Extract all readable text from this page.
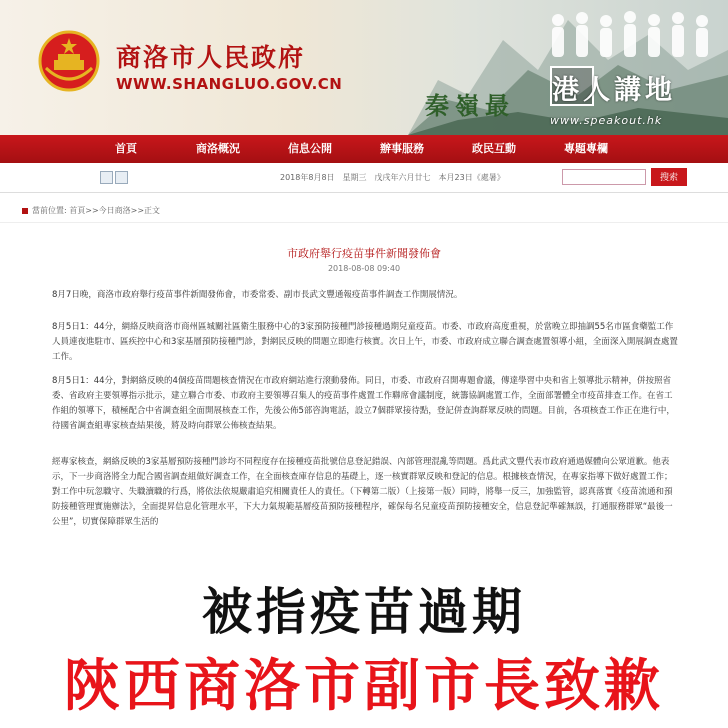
商洛市人民政府
WWW.SHANGLUO.GOV.CN
秦嶺最 港人講地
www.speakout.hk
首頁	商洛概況	信息公開	辦事服務	政民互動	專題專欄
2018年8月8日　星期三　戊戌年六月廿七　本月23日《處暑》	搜索
當前位置: 首頁>>今日商洛>>正文
市政府舉行疫苗事件新聞發佈會
2018-08-08 09:40

8月7日晚，商洛市政府舉行疫苗事件新聞發佈會，市委常委、副市長武文豐通報疫苗事件調查工作開展情況。

8月5日1：44分，網絡反映商洛市商州區城關社區衛生服務中心的3家預防接種門診接種過期兒童疫苗。市委、市政府高度重視，於當晚立即抽調55名市區食藥監工作人員連夜進駐市、區疾控中心和3家基層預防接種門診，對網民反映的問題立即進行核實。次日上午，市委、市政府成立聯合調查處置領導小組，全面深入開展調查處置工作。

8月5日1：44分，對網絡反映的4個疫苗問題核查情況在市政府網站進行滾動發佈。同日，市委、市政府召開專題會議，傳達學習中央和省上領導批示精神，併按照省委、省政府主要領導指示批示，建立聯合市委、市政府主要領導召集人的疫苗事件處置工作聯席會議制度，統籌協調處置工作，全面部署體全市疫苗排查工作。在省工作組的領導下，積極配合中省調查組全面開展核查工作，先後公佈5部咨詢電話，設立7個群眾接待點，登記併查詢群眾反映的問題。目前，各項核查工作正在進行中，待國省調查組專家核查結果後，將及時向群眾公佈核查結果。

經專家核查，網絡反映的3家基層預防接種門診均不同程度存在接種疫苗批號信息登記錯誤、內部管理混亂等問題。爲此武文豐代表市政府通過媒體向公眾道歉。他表示，下一步商洛將全力配合國省調查組做好調查工作，在全面核查庫存信息的基礎上，逐一核實群眾反映和登記的信息。根據核查情況，在專家指導下做好處置工作；對工作中玩忽職守、失職瀆職的行爲，將依法依規嚴肅追究相關責任人的責任。（下轉第二版）（上接第一版）同時，將舉一反三，加強監管，認真落實《疫苗流通和預防接種管理實施辦法》，全面提昇信息化管理水平，下大力氣規範基層疫苗預防接種程序，確保每名兒童疫苗預防接種安全，信息登記準確無誤，打通服務群眾“最後一公里”，切實保障群眾生活的

被指疫苗過期
陝西商洛市副市長致歉
